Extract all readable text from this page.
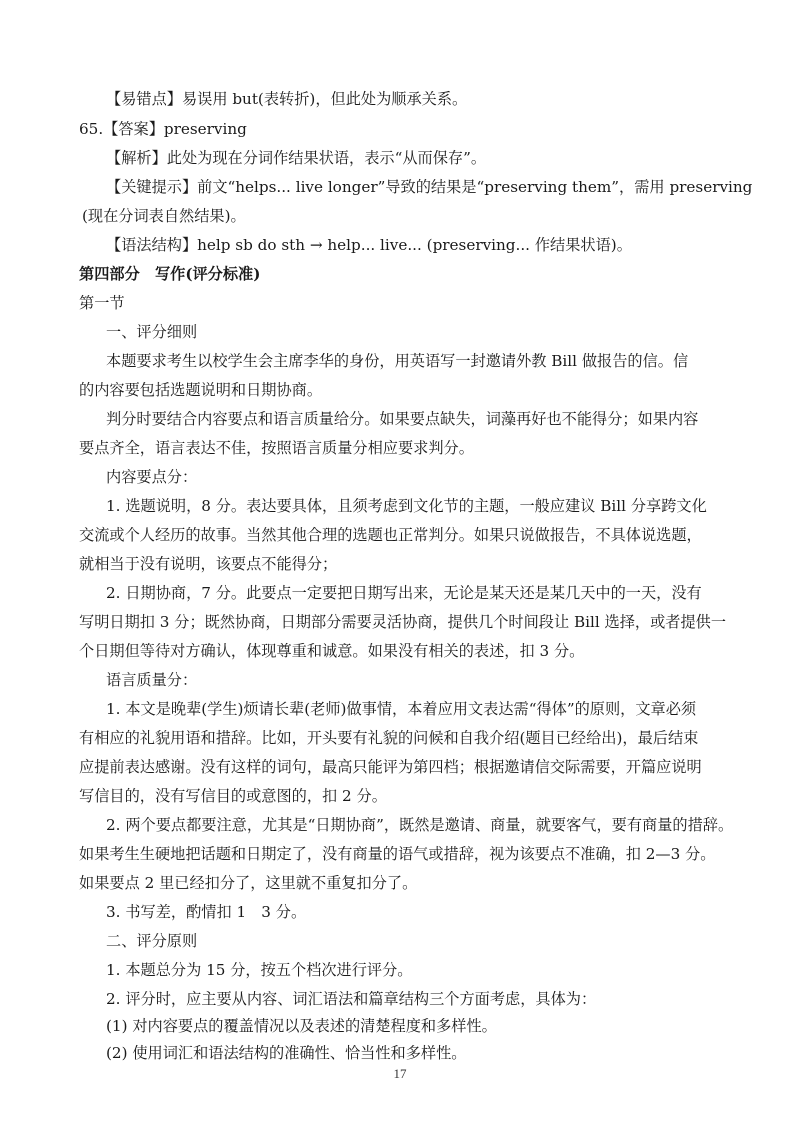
【易错点】易误用 but(表转折)，但此处为顺承关系。

65.【答案】preserving

【解析】此处为现在分词作结果状语，表示“从而保存”。

【关键提示】前文“helps... live longer”导致的结果是“preserving them”，需用 preserving

(现在分词表自然结果)。

【语法结构】help sb do sth → help... live... (preserving... 作结果状语)。

第四部分　写作(评分标准)

第一节

一、评分细则

本题要求考生以校学生会主席李华的身份，用英语写一封邀请外教 Bill 做报告的信。信

的内容要包括选题说明和日期协商。

判分时要结合内容要点和语言质量给分。如果要点缺失，词藻再好也不能得分；如果内容

要点齐全，语言表达不佳，按照语言质量分相应要求判分。

内容要点分：

1. 选题说明，8 分。表达要具体，且须考虑到文化节的主题，一般应建议 Bill 分享跨文化

交流或个人经历的故事。当然其他合理的选题也正常判分。如果只说做报告，不具体说选题，

就相当于没有说明，该要点不能得分；

2. 日期协商，7 分。此要点一定要把日期写出来，无论是某天还是某几天中的一天，没有

写明日期扣 3 分；既然协商，日期部分需要灵活协商，提供几个时间段让 Bill 选择，或者提供一

个日期但等待对方确认，体现尊重和诚意。如果没有相关的表述，扣 3 分。

语言质量分：

1. 本文是晚辈(学生)烦请长辈(老师)做事情，本着应用文表达需“得体”的原则，文章必须

有相应的礼貌用语和措辞。比如，开头要有礼貌的问候和自我介绍(题目已经给出)，最后结束

应提前表达感谢。没有这样的词句，最高只能评为第四档；根据邀请信交际需要，开篇应说明

写信目的，没有写信目的或意图的，扣 2 分。

2. 两个要点都要注意，尤其是“日期协商”，既然是邀请、商量，就要客气，要有商量的措辞。

如果考生生硬地把话题和日期定了，没有商量的语气或措辞，视为该要点不准确，扣 2—3 分。

如果要点 2 里已经扣分了，这里就不重复扣分了。

3. 书写差，酌情扣 1　3 分。

二、评分原则

1. 本题总分为 15 分，按五个档次进行评分。

2. 评分时，应主要从内容、词汇语法和篇章结构三个方面考虑，具体为：

(1) 对内容要点的覆盖情况以及表述的清楚程度和多样性。

(2) 使用词汇和语法结构的准确性、恰当性和多样性。

17
